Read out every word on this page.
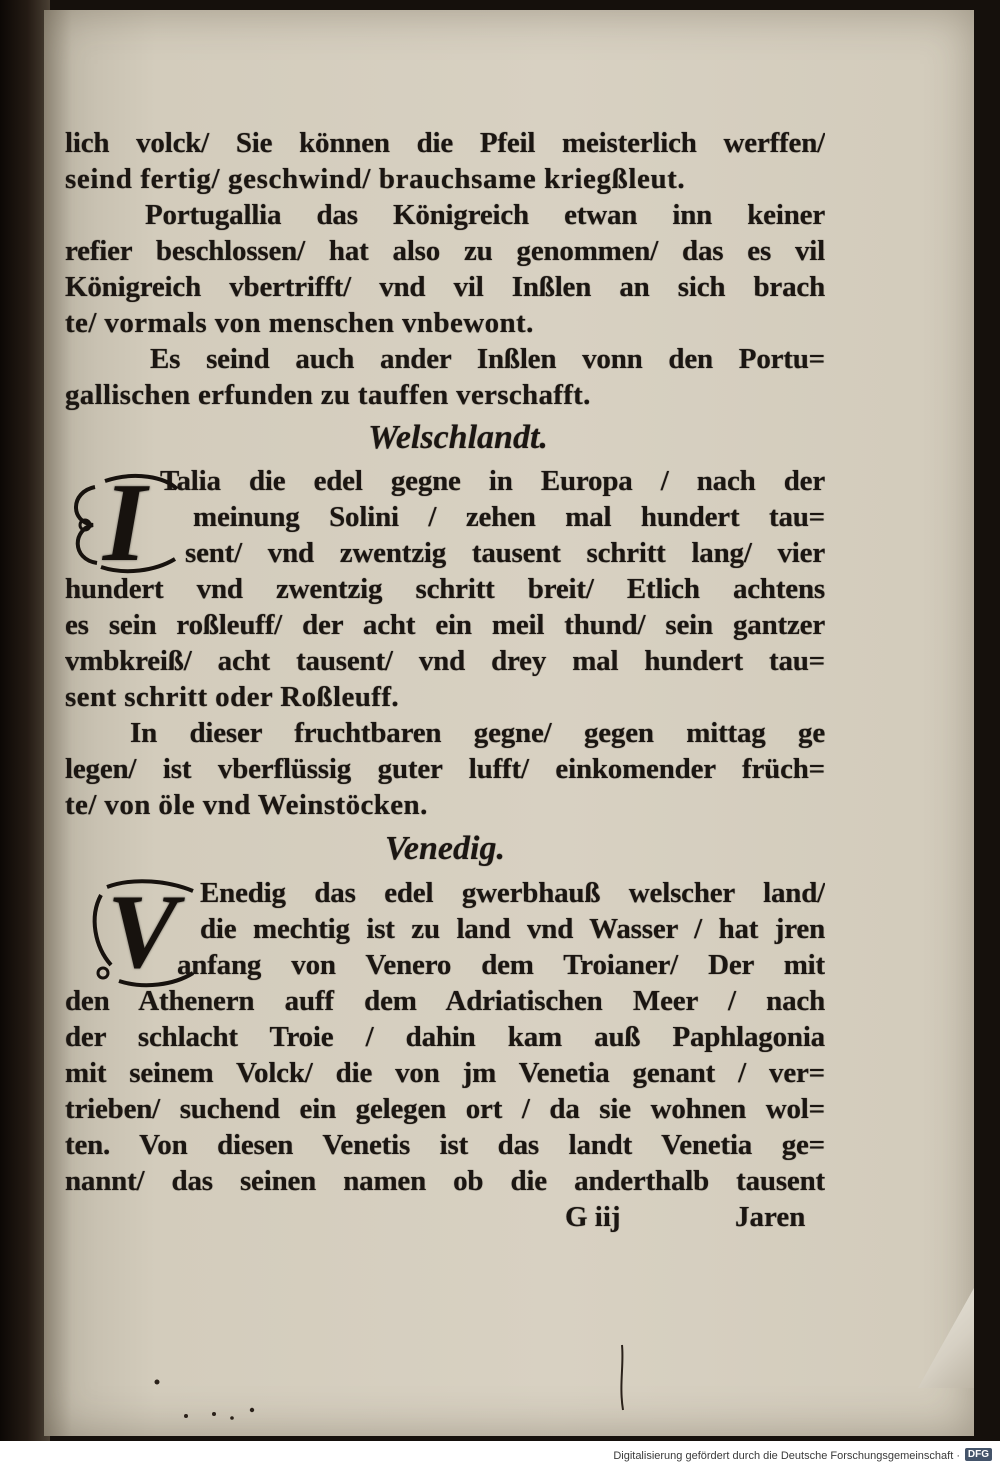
lich volck/ Sie können die Pfeil meisterlich werffen/
seind fertig/ geschwind/ brauchsame kriegßleut.
Portugallia das Königreich etwan inn keiner
refier beschlossen/ hat also zu genommen/ das es vil
Königreich vbertrifft/ vnd vil Inßlen an sich brach
te/ vormals von menschen vnbewont.
Es seind auch ander Inßlen vonn den Portu=
gallischen erfunden zu tauffen verschafft.
Welschlandt.
I Talia die edel gegne in Europa / nach der
meinung Solini / zehen mal hundert tau=
sent/ vnd zwentzig tausent schritt lang/ vier
hundert vnd zwentzig schritt breit/ Etlich achtens
es sein roßleuff/ der acht ein meil thund/ sein gantzer
vmbkreiß/ acht tausent/ vnd drey mal hundert tau=
sent schritt oder Roßleuff.
In dieser fruchtbaren gegne/ gegen mittag ge
legen/ ist vberflüssig guter lufft/ einkomender früch=
te/ von öle vnd Weinstöcken.
Venedig.
V Enedig das edel gwerbhauß welscher land/
die mechtig ist zu land vnd Wasser / hat jren
anfang von Venero dem Troianer/ Der mit
den Athenern auff dem Adriatischen Meer / nach
der schlacht Troie / dahin kam auß Paphlagonia
mit seinem Volck/ die von jm Venetia genant / ver=
trieben/ suchend ein gelegen ort / da sie wohnen wol=
ten. Von diesen Venetis ist das landt Venetia ge=
nannt/ das seinen namen ob die anderthalb tausent
G iij	Jaren
Digitalisierung gefördert durch die Deutsche Forschungsgemeinschaft · DFG
